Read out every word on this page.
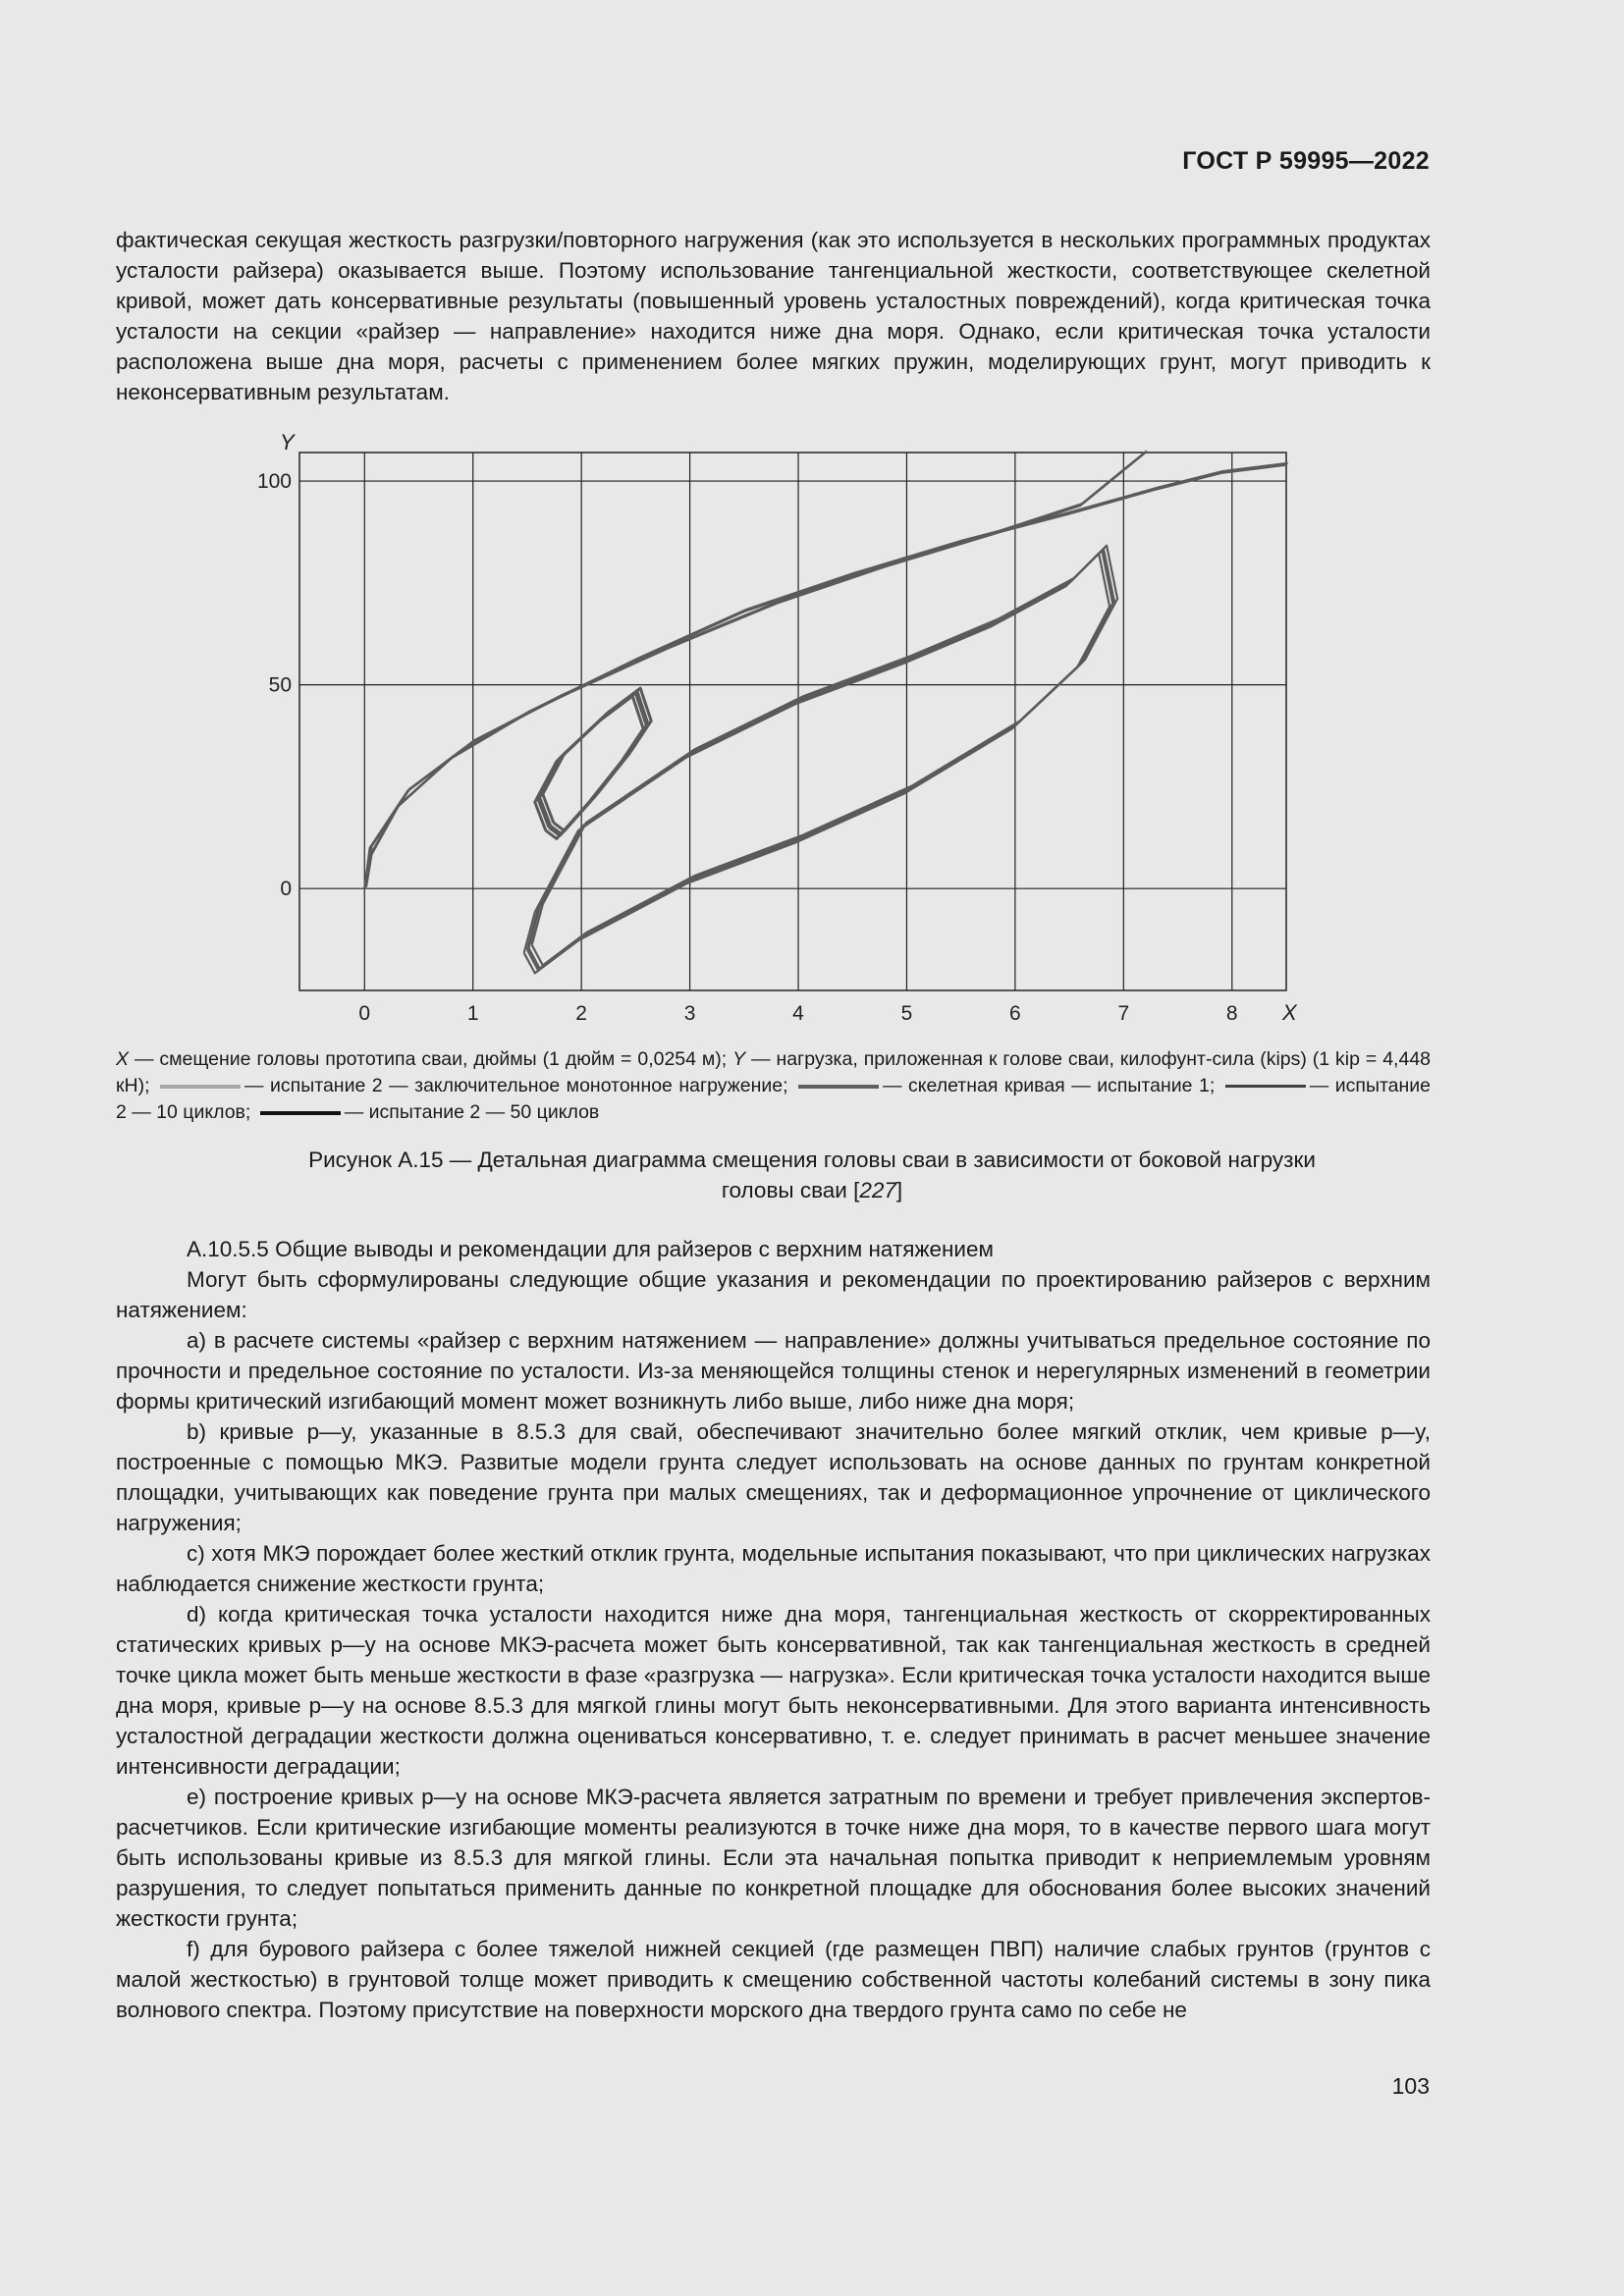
ГОСТ Р 59995—2022

фактическая секущая жесткость разгрузки/повторного нагружения (как это используется в нескольких программных продуктах усталости райзера) оказывается выше. Поэтому использование тангенциальной жесткости, соответствующее скелетной кривой, может дать консервативные результаты (повышенный уровень усталостных повреждений), когда критическая точка усталости на секции «райзер — направление» находится ниже дна моря. Однако, если критическая точка усталости расположена выше дна моря, расчеты с применением более мягких пружин, моделирующих грунт, могут приводить к неконсервативным результатам.

0	1	2	3	4	5	6	7	8
0
50
100
X
Y
X — смещение головы прототипа сваи, дюймы (1 дюйм = 0,0254 м); Y — нагрузка, приложенная к голове сваи, килофунт-сила (kips) (1 kip = 4,448 кН);	— испытание 2 — заключительное монотонное нагружение;	— скелетная кривая — испытание 1;	— испытание 2 — 10 циклов;	— испытание 2 — 50 циклов
Рисунок А.15 — Детальная диаграмма смещения головы сваи в зависимости от боковой нагрузки
головы сваи [227]

А.10.5.5 Общие выводы и рекомендации для райзеров с верхним натяжением

Могут быть сформулированы следующие общие указания и рекомендации по проектированию райзеров с верхним натяжением:

а) в расчете системы «райзер с верхним натяжением — направление» должны учитываться предельное состояние по прочности и предельное состояние по усталости. Из-за меняющейся толщины стенок и нерегулярных изменений в геометрии формы критический изгибающий момент может возникнуть либо выше, либо ниже дна моря;

b) кривые p—y, указанные в 8.5.3 для свай, обеспечивают значительно более мягкий отклик, чем кривые p—y, построенные с помощью МКЭ. Развитые модели грунта следует использовать на основе данных по грунтам конкретной площадки, учитывающих как поведение грунта при малых смещениях, так и деформационное упрочнение от циклического нагружения;

c) хотя МКЭ порождает более жесткий отклик грунта, модельные испытания показывают, что при циклических нагрузках наблюдается снижение жесткости грунта;

d) когда критическая точка усталости находится ниже дна моря, тангенциальная жесткость от скорректированных статических кривых p—y на основе МКЭ-расчета может быть консервативной, так как тангенциальная жесткость в средней точке цикла может быть меньше жесткости в фазе «разгрузка — нагрузка». Если критическая точка усталости находится выше дна моря, кривые p—y на основе 8.5.3 для мягкой глины могут быть неконсервативными. Для этого варианта интенсивность усталостной деградации жесткости должна оцениваться консервативно, т. е. следует принимать в расчет меньшее значение интенсивности деградации;

е) построение кривых p—y на основе МКЭ-расчета является затратным по времени и требует привлечения экспертов-расчетчиков. Если критические изгибающие моменты реализуются в точке ниже дна моря, то в качестве первого шага могут быть использованы кривые из 8.5.3 для мягкой глины. Если эта начальная попытка приводит к неприемлемым уровням разрушения, то следует попытаться применить данные по конкретной площадке для обоснования более высоких значений жесткости грунта;

f) для бурового райзера с более тяжелой нижней секцией (где размещен ПВП) наличие слабых грунтов (грунтов с малой жесткостью) в грунтовой толще может приводить к смещению собственной частоты колебаний системы в зону пика волнового спектра. Поэтому присутствие на поверхности морского дна твердого грунта само по себе не

103
